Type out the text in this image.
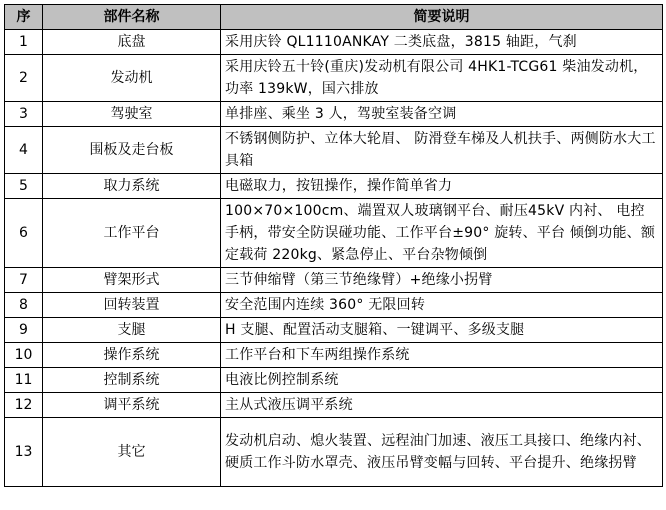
序	部件名称	简要说明
1	底盘	采用庆铃 QL1110ANKAY 二类底盘，3815 轴距，气刹
2	发动机	采用庆铃五十铃(重庆)发动机有限公司 4HK1-TCG61 柴油发动机，功率 139kW，国六排放
3	驾驶室	单排座、乘坐 3 人，驾驶室装备空调
4	围板及走台板	不锈钢侧防护、立体大轮眉、 防滑登车梯及人机扶手、两侧防水大工具箱
5	取力系统	电磁取力，按钮操作，操作简单省力
6	工作平台	100×70×100cm、端置双人玻璃钢平台、耐压45kV 内衬、 电控手柄，带安全防误碰功能、工作平台±90° 旋转、平台 倾倒功能、额定载荷 220kg、紧急停止、平台杂物倾倒
7	臂架形式	三节伸缩臂（第三节绝缘臂）+绝缘小拐臂
8	回转装置	安全范围内连续 360° 无限回转
9	支腿	H 支腿、配置活动支腿箱、一键调平、多级支腿
10	操作系统	工作平台和下车两组操作系统
11	控制系统	电液比例控制系统
12	调平系统	主从式液压调平系统
13	其它	发动机启动、熄火装置、远程油门加速、液压工具接口、绝缘内衬、硬质工作斗防水罩壳、液压吊臂变幅与回转、平台提升、绝缘拐臂
